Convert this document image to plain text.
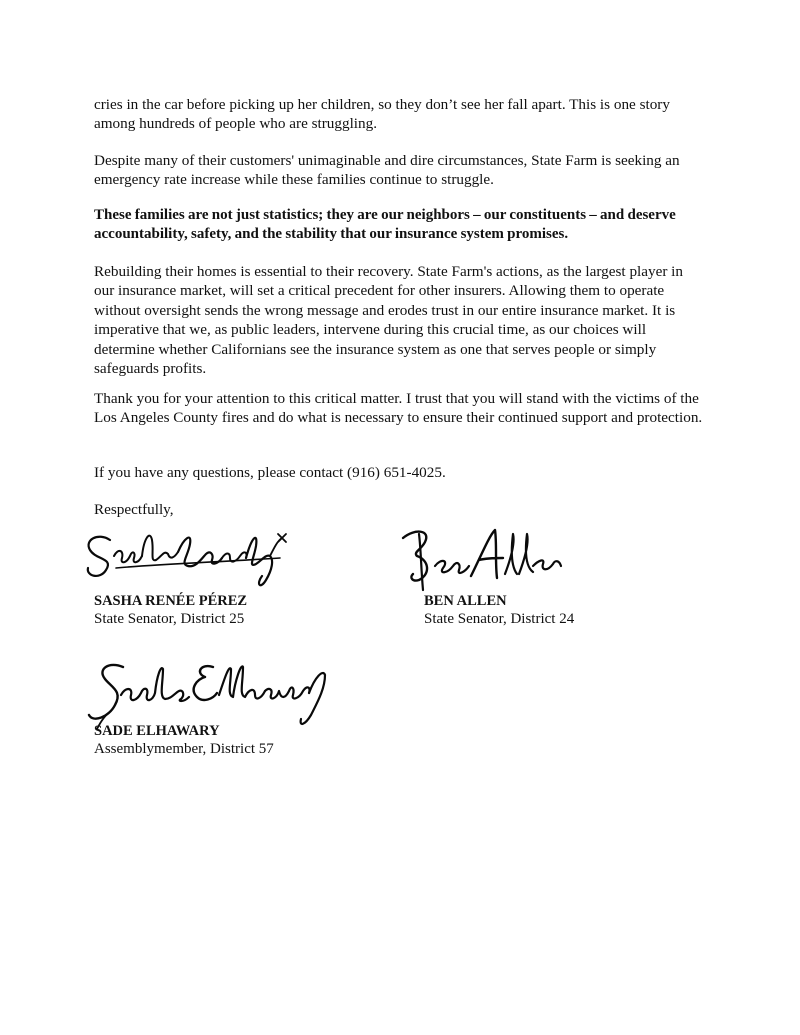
cries in the car before picking up her children, so they don’t see her fall apart. This is one story among hundreds of people who are struggling.

Despite many of their customers' unimaginable and dire circumstances, State Farm is seeking an emergency rate increase while these families continue to struggle.

These families are not just statistics; they are our neighbors – our constituents – and deserve accountability, safety, and the stability that our insurance system promises.

Rebuilding their homes is essential to their recovery. State Farm's actions, as the largest player in our insurance market, will set a critical precedent for other insurers. Allowing them to operate without oversight sends the wrong message and erodes trust in our entire insurance market. It is imperative that we, as public leaders, intervene during this crucial time, as our choices will determine whether Californians see the insurance system as one that serves people or simply safeguards profits.

Thank you for your attention to this critical matter. I trust that you will stand with the victims of the Los Angeles County fires and do what is necessary to ensure their continued support and protection.

If you have any questions, please contact (916) 651-4025.

Respectfully,

SASHA RENÉE PÉREZ
State Senator, District 25
BEN ALLEN
State Senator, District 24
SADE ELHAWARY
Assemblymember, District 57
